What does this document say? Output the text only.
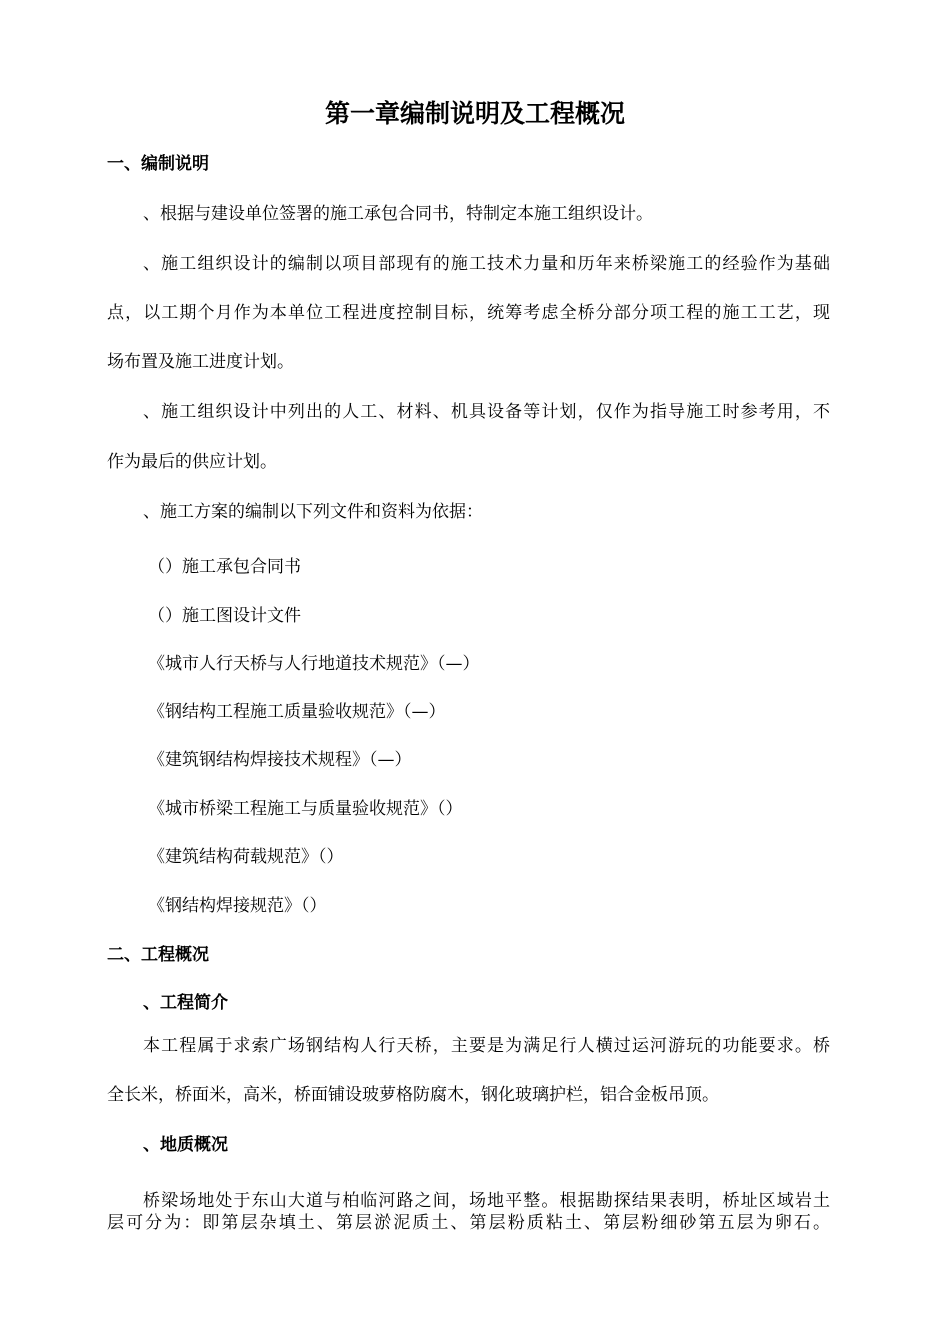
第一章编制说明及工程概况
一、编制说明
、根据与建设单位签署的施工承包合同书，特制定本施工组织设计。
、施工组织设计的编制以项目部现有的施工技术力量和历年来桥梁施工的经验作为基础
点，以工期个月作为本单位工程进度控制目标，统筹考虑全桥分部分项工程的施工工艺，现
场布置及施工进度计划。
、施工组织设计中列出的人工、材料、机具设备等计划，仅作为指导施工时参考用，不
作为最后的供应计划。
、施工方案的编制以下列文件和资料为依据：
（）施工承包合同书
（）施工图设计文件
《城市人行天桥与人行地道技术规范》（—）
《钢结构工程施工质量验收规范》（—）
《建筑钢结构焊接技术规程》（—）
《城市桥梁工程施工与质量验收规范》（）
《建筑结构荷载规范》（）
《钢结构焊接规范》（）
二、工程概况
、工程简介
本工程属于求索广场钢结构人行天桥，主要是为满足行人横过运河游玩的功能要求。桥
全长米，桥面米，高米，桥面铺设玻萝格防腐木，钢化玻璃护栏，铝合金板吊顶。
、地质概况
桥梁场地处于东山大道与柏临河路之间，场地平整。根据勘探结果表明，桥址区域岩土
层可分为：即第层杂填土、第层淤泥质土、第层粉质粘土、第层粉细砂第五层为卵石。
